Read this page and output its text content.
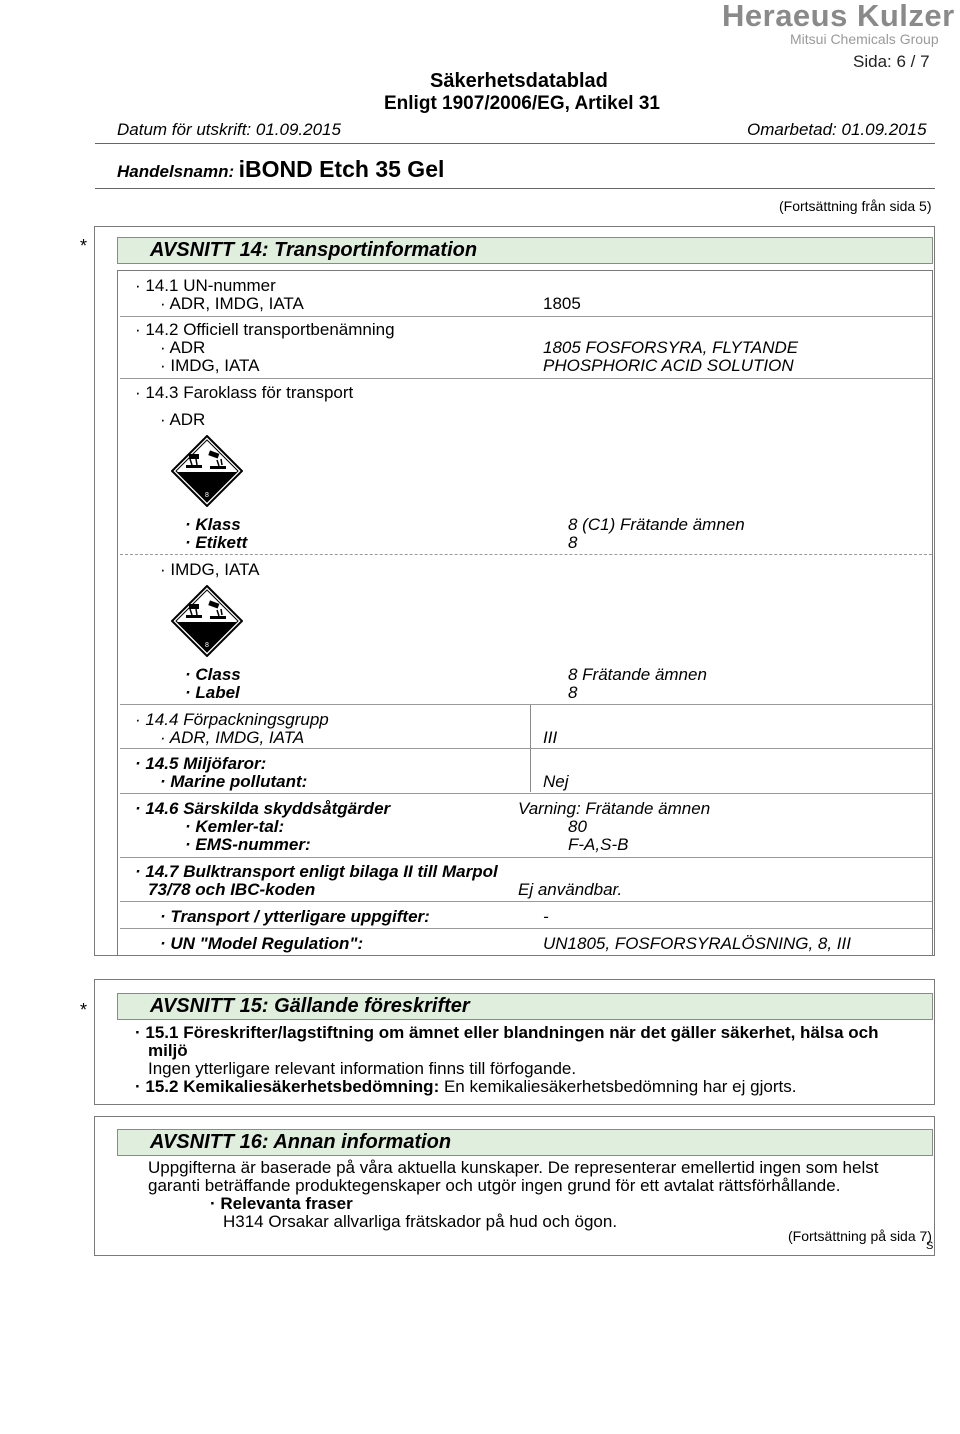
Heraeus Kulzer
Mitsui Chemicals Group
Sida: 6 / 7
Säkerhetsdatablad
Enligt 1907/2006/EG, Artikel 31
Datum för utskrift: 01.09.2015	Omarbetad: 01.09.2015
Handelsnamn: iBOND Etch 35 Gel
(Fortsättning från sida 5)
*	AVSNITT 14: Transportinformation
· 14.1 UN-nummer
· ADR, IMDG, IATA	1805
· 14.2 Officiell transportbenämning
· ADR	1805 FOSFORSYRA, FLYTANDE
· IMDG, IATA	PHOSPHORIC ACID SOLUTION
· 14.3 Faroklass för transport
· ADR
8
· Klass	8 (C1) Frätande ämnen
· Etikett	8
· IMDG, IATA
8
· Class	8 Frätande ämnen
· Label	8
· 14.4 Förpackningsgrupp
· ADR, IMDG, IATA	III
· 14.5 Miljöfaror:
· Marine pollutant:	Nej
· 14.6 Särskilda skyddsåtgärder	Varning: Frätande ämnen
· Kemler-tal:	80
· EMS-nummer:	F-A,S-B
· 14.7 Bulktransport enligt bilaga II till Marpol
73/78 och IBC-koden	Ej användbar.
· Transport / ytterligare uppgifter:	-
· UN "Model Regulation":	UN1805, FOSFORSYRALÖSNING, 8, III
*	AVSNITT 15: Gällande föreskrifter
· 15.1 Föreskrifter/lagstiftning om ämnet eller blandningen när det gäller säkerhet, hälsa och
miljö
Ingen ytterligare relevant information finns till förfogande.
· 15.2 Kemikaliesäkerhetsbedömning: En kemikaliesäkerhetsbedömning har ej gjorts.
AVSNITT 16: Annan information
Uppgifterna är baserade på våra aktuella kunskaper. De representerar emellertid ingen som helst
garanti beträffande produktegenskaper och utgör ingen grund för ett avtalat rättsförhållande.
· Relevanta fraser
H314 Orsakar allvarliga frätskador på hud och ögon.
(Fortsättning på sida 7)
S
